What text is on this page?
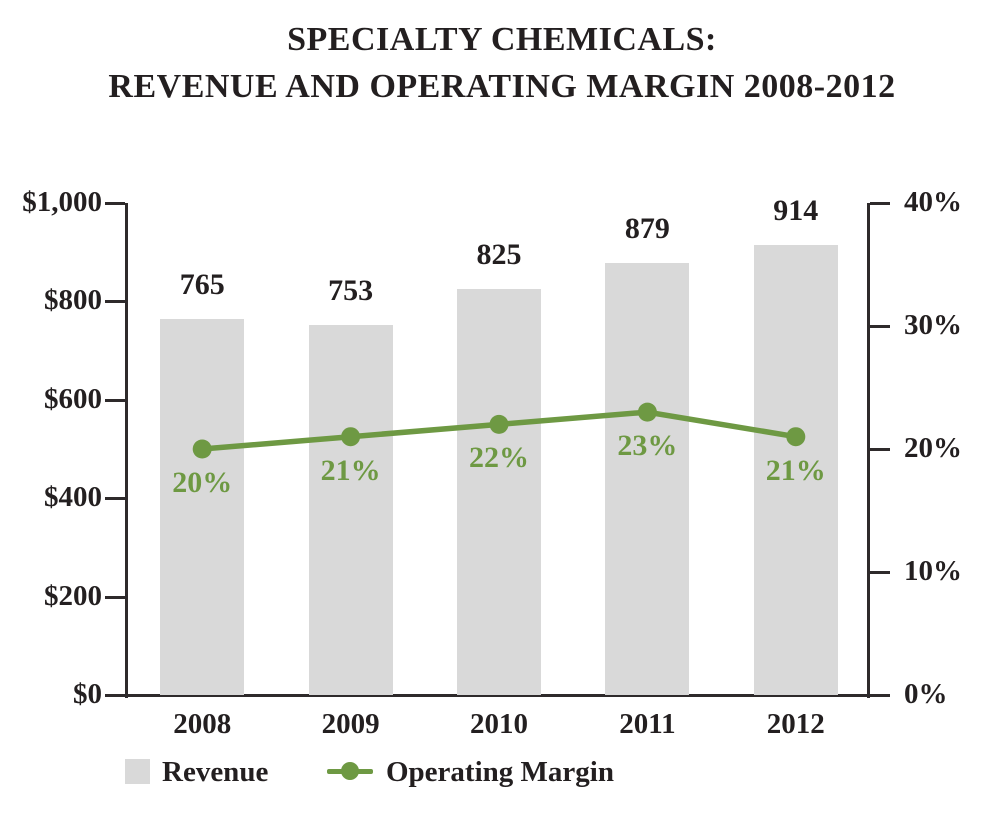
SPECIALTY CHEMICALS:
REVENUE AND OPERATING MARGIN 2008-2012
$0
$200
$400
$600
$800
$1,000
0%
10%
20%
30%
40%
765	753
825
879
914
2008	2009	2010	2011	2012
20%	21%	22%	23%
21%
Revenue	Operating Margin
